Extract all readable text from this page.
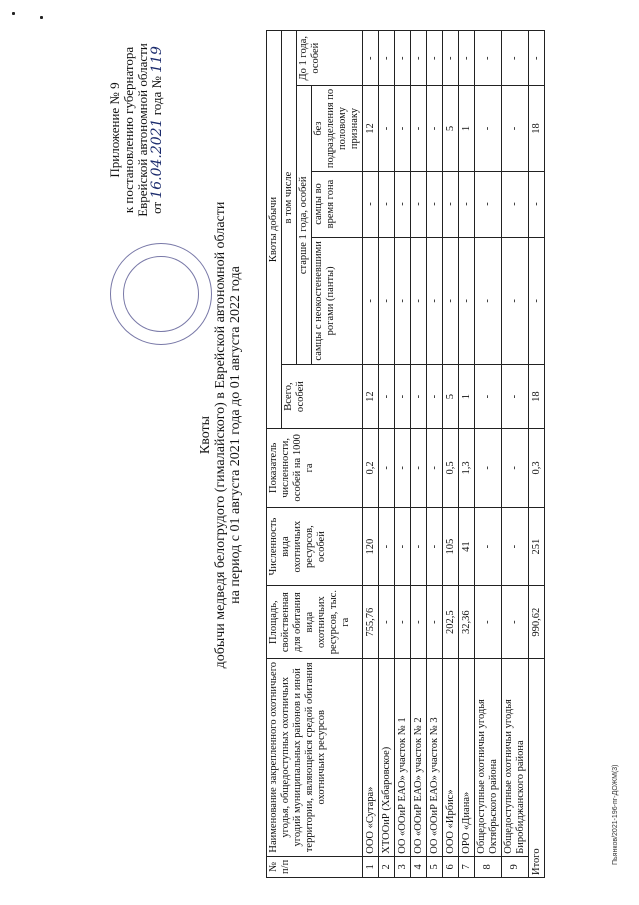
Пьянков/2021-196-пг-ДОЖМ(3)
Приложение № 9 к постановлению губернатора Еврейской автономной области от 16.04.2021 года № 119
Квоты добычи медведя белогрудого (гималайского) в Еврейской автономной области на период с 01 августа 2021 года до 01 августа 2022 года
№ п/п	Наименование закрепленного охотничьего угодья, общедоступных охотничьих угодий муниципальных районов и иной территории, являющейся средой обитания охотничьих ресурсов	Площадь, свойственная для обитания вида охотничьих ресурсов, тыс. га	Численность вида охотничьих ресурсов, особей	Показатель численности, особей на 1000 га	Квоты добычи				
					Всего, особей	в том числе			
						старше 1 года, особей			До 1 года, особей
						самцы с неокостеневшими рогами (панты)	самцы во время гона	без подразделения по половому признаку	
1	ООО «Сутара»	755,76	120	0,2	12	-	-	12	-
2	ХТООиР (Хабаровское)	-	-	-	-	-	-	-	-
3	ОО «ООиР ЕАО» участок № 1	-	-	-	-	-	-	-	-
4	ОО «ООиР ЕАО» участок № 2	-	-	-	-	-	-	-	-
5	ОО «ООиР ЕАО» участок № 3	-	-	-	-	-	-	-	-
6	ООО «Ирбис»	202,5	105	0,5	5	-	-	5	-
7	ОРО «Диана»	32,36	41	1,3	1	-	-	1	-
8	Общедоступные охотничьи угодья Октябрьского района	-	-	-	-	-	-	-	-
9	Общедоступные охотничьи угодья Биробиджанского района	-	-	-	-	-	-	-	-
Итого		990,62	251	0,3	18	-	-	18	-
